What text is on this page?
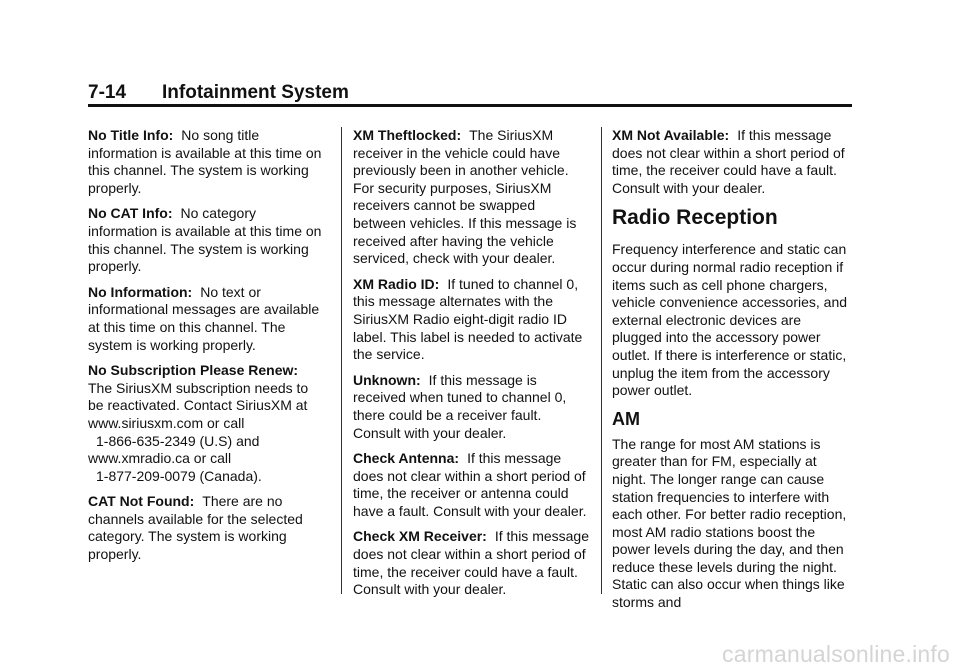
7-14 Infotainment System

No Title Info: No song title information is available at this time on this channel. The system is working properly.

No CAT Info: No category information is available at this time on this channel. The system is working properly.

No Information: No text or informational messages are available at this time on this channel. The system is working properly.

No Subscription Please Renew:
The SiriusXM subscription needs to
be reactivated. Contact SiriusXM at
www.siriusxm.com or call
1-866-635-2349 (U.S) and
www.xmradio.ca or call
1-877-209-0079 (Canada).

CAT Not Found: There are no channels available for the selected category. The system is working properly.

XM Theftlocked: The SiriusXM receiver in the vehicle could have previously been in another vehicle. For security purposes, SiriusXM receivers cannot be swapped between vehicles. If this message is received after having the vehicle serviced, check with your dealer.

XM Radio ID: If tuned to channel 0, this message alternates with the SiriusXM Radio eight-digit radio ID label. This label is needed to activate the service.

Unknown: If this message is received when tuned to channel 0, there could be a receiver fault. Consult with your dealer.

Check Antenna: If this message does not clear within a short period of time, the receiver or antenna could have a fault. Consult with your dealer.

Check XM Receiver: If this message does not clear within a short period of time, the receiver could have a fault. Consult with your dealer.

XM Not Available: If this message does not clear within a short period of time, the receiver could have a fault. Consult with your dealer.

Radio Reception

Frequency interference and static can occur during normal radio reception if items such as cell phone chargers, vehicle convenience accessories, and external electronic devices are plugged into the accessory power outlet. If there is interference or static, unplug the item from the accessory power outlet.

AM

The range for most AM stations is greater than for FM, especially at night. The longer range can cause station frequencies to interfere with each other. For better radio reception, most AM radio stations boost the power levels during the day, and then reduce these levels during the night. Static can also occur when things like storms and

carmanualsonline.info
